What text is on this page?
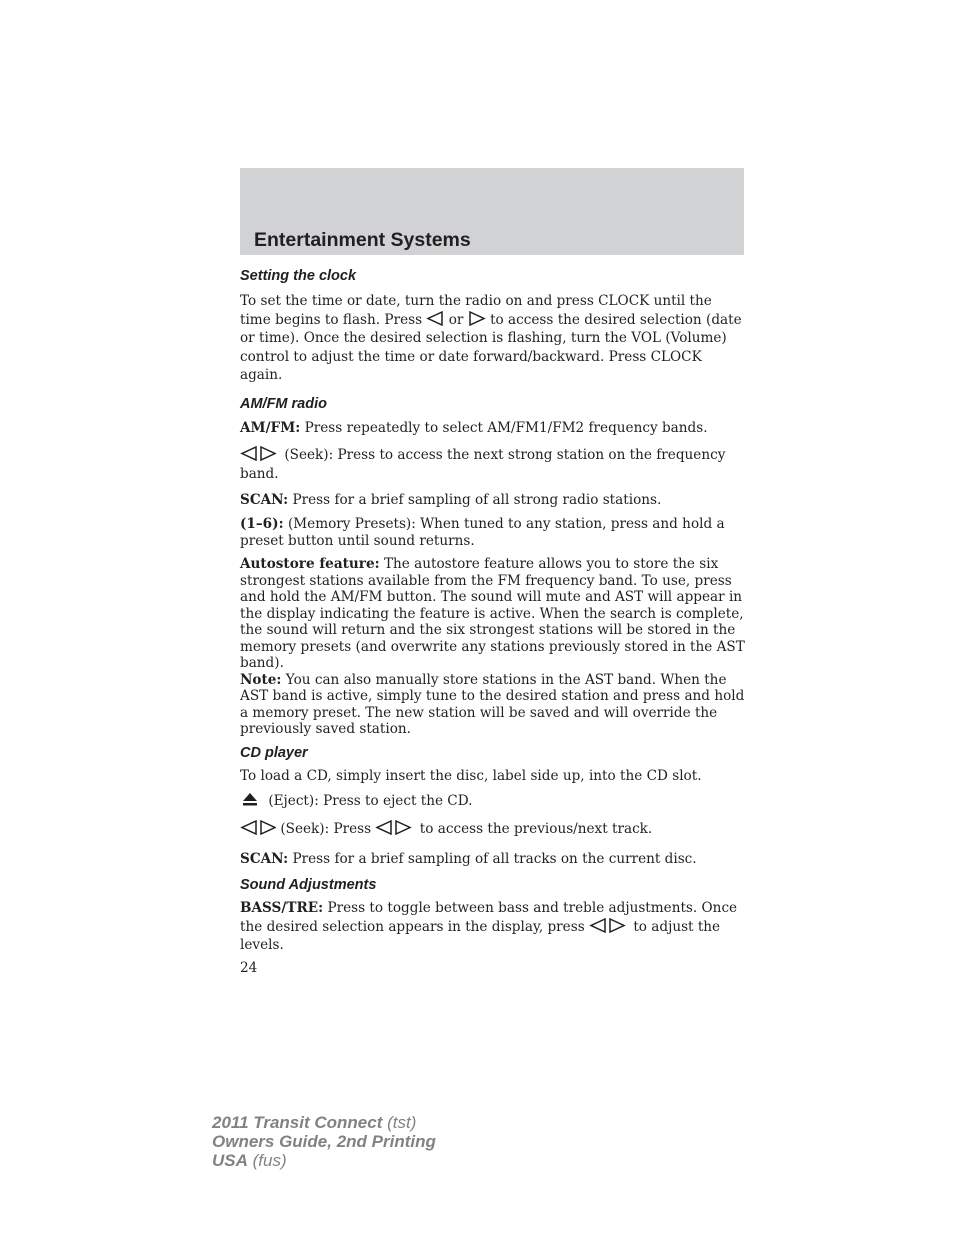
Entertainment Systems
Setting the clock
To set the time or date, turn the radio on and press CLOCK until the time begins to flash. Press or to access the desired selection (date or time). Once the desired selection is flashing, turn the VOL (Volume) control to adjust the time or date forward/backward. Press CLOCK again.
AM/FM radio
AM/FM: Press repeatedly to select AM/FM1/FM2 frequency bands.
(Seek): Press to access the next strong station on the frequency band.
SCAN: Press for a brief sampling of all strong radio stations.
(1–6): (Memory Presets): When tuned to any station, press and hold a preset button until sound returns.
Autostore feature: The autostore feature allows you to store the six strongest stations available from the FM frequency band. To use, press and hold the AM/FM button. The sound will mute and AST will appear in the display indicating the feature is active. When the search is complete, the sound will return and the six strongest stations will be stored in the memory presets (and overwrite any stations previously stored in the AST band).
Note: You can also manually store stations in the AST band. When the AST band is active, simply tune to the desired station and press and hold a memory preset. The new station will be saved and will override the previously saved station.
CD player
To load a CD, simply insert the disc, label side up, into the CD slot.
(Eject): Press to eject the CD.
(Seek): Press	to access the previous/next track.
SCAN: Press for a brief sampling of all tracks on the current disc.
Sound Adjustments
BASS/TRE: Press to toggle between bass and treble adjustments. Once the desired selection appears in the display, press	to adjust the levels.
24
2011 Transit Connect (tst)
Owners Guide, 2nd Printing
USA (fus)
